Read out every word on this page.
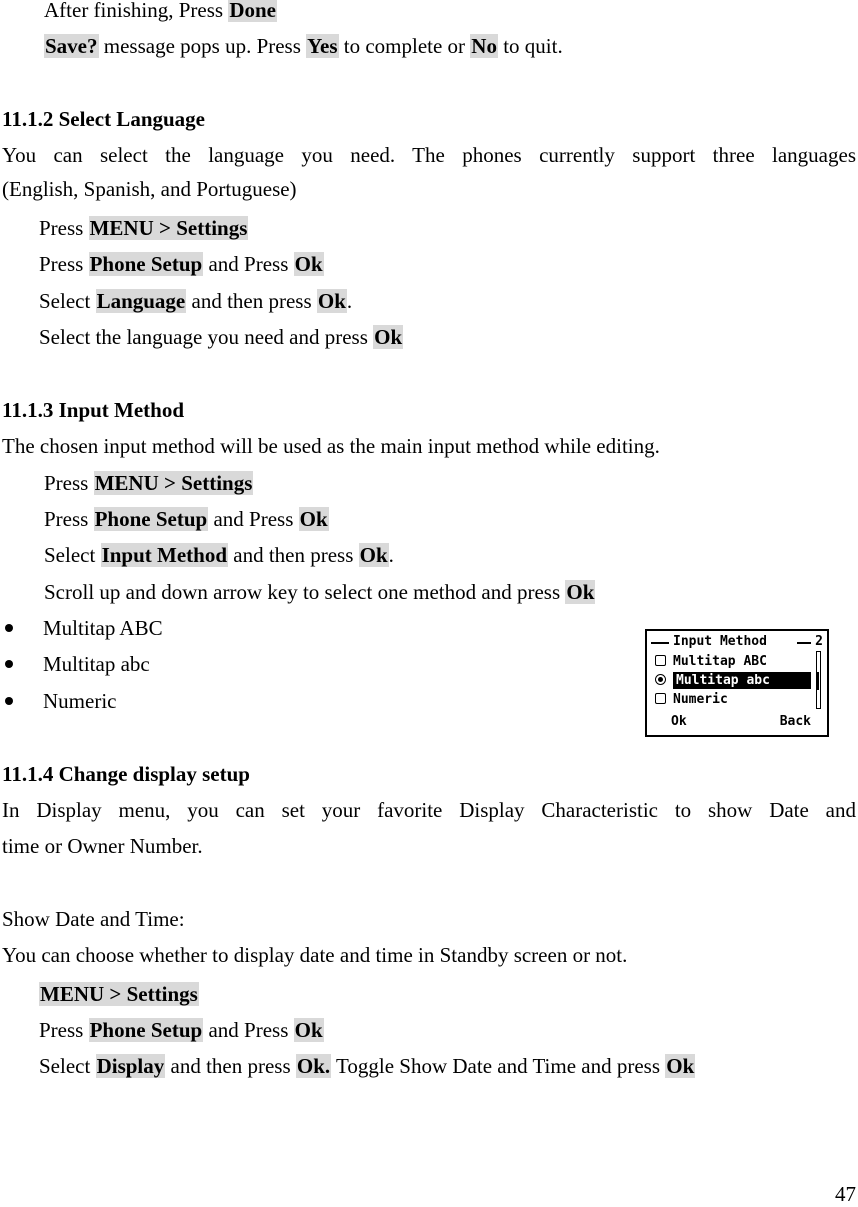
After finishing, Press Done
Save? message pops up. Press Yes to complete or No to quit.
11.1.2 Select Language
You can select the language you need. The phones currently support three languages
(English, Spanish, and Portuguese)
Press MENU > Settings
Press Phone Setup and Press Ok
Select Language and then press Ok.
Select the language you need and press Ok
11.1.3 Input Method
The chosen input method will be used as the main input method while editing.
Press MENU > Settings
Press Phone Setup and Press Ok
Select Input Method and then press Ok.
Scroll up and down arrow key to select one method and press Ok
Multitap ABC
Multitap abc
Numeric
Input Method	2
Multitap ABC
Multitap abc
Numeric
Ok	Back
11.1.4 Change display setup
In Display menu, you can set your favorite Display Characteristic to show Date and
time or Owner Number.
Show Date and Time:
You can choose whether to display date and time in Standby screen or not.
MENU > Settings
Press Phone Setup and Press Ok
Select Display and then press Ok. Toggle Show Date and Time and press Ok
47
